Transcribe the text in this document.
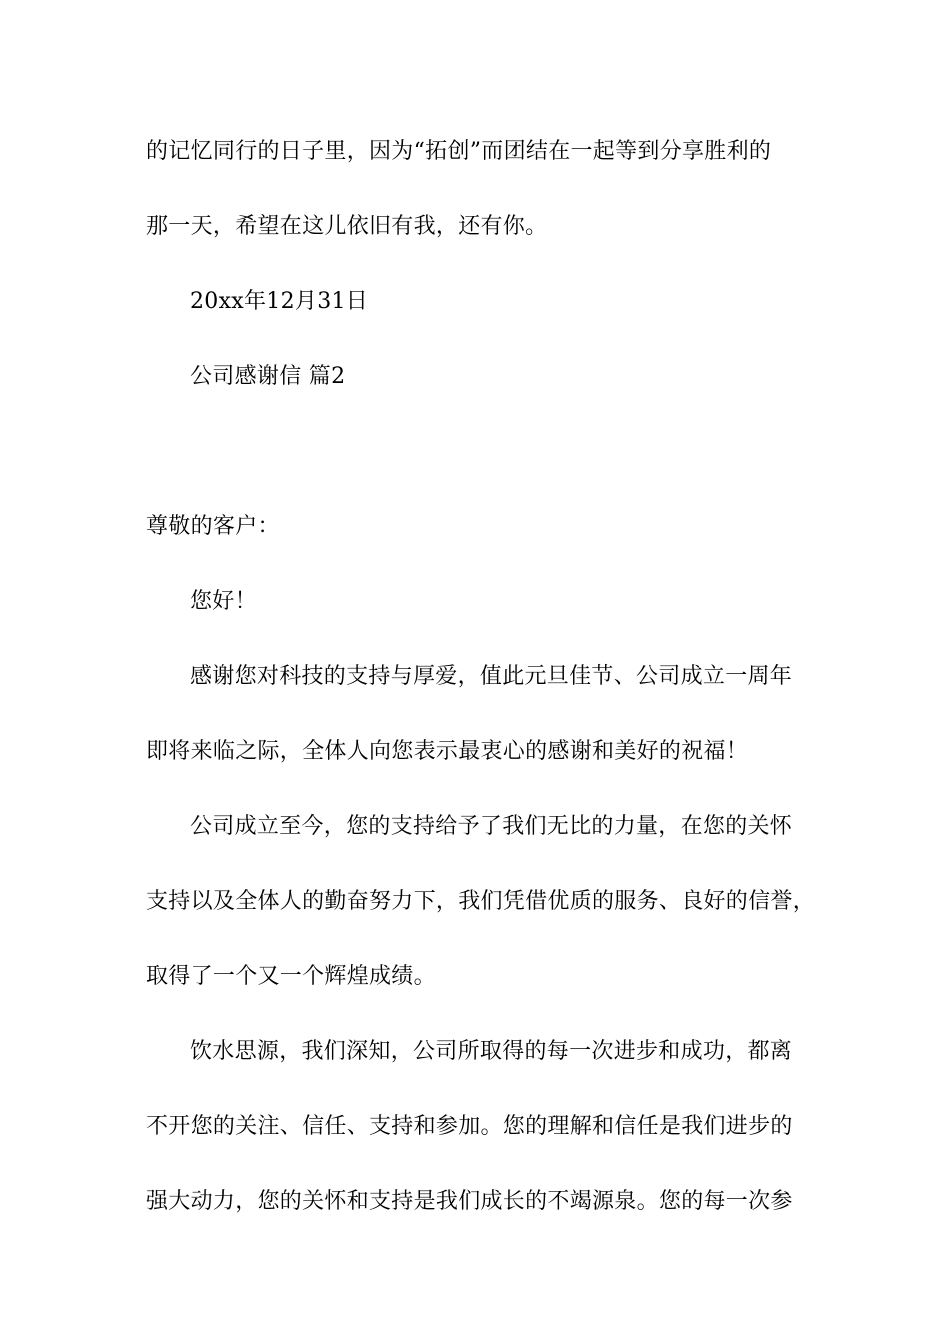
的记忆同行的日子里，因为“拓创”而团结在一起等到分享胜利的
那一天，希望在这儿依旧有我，还有你。
20xx年12月31日
公司感谢信 篇2
尊敬的客户：
您好！
感谢您对科技的支持与厚爱，值此元旦佳节、公司成立一周年
即将来临之际，全体人向您表示最衷心的感谢和美好的祝福！
公司成立至今，您的支持给予了我们无比的力量，在您的关怀
支持以及全体人的勤奋努力下，我们凭借优质的服务、良好的信誉，
取得了一个又一个辉煌成绩。
饮水思源，我们深知，公司所取得的每一次进步和成功，都离
不开您的关注、信任、支持和参加。您的理解和信任是我们进步的
强大动力，您的关怀和支持是我们成长的不竭源泉。您的每一次参
